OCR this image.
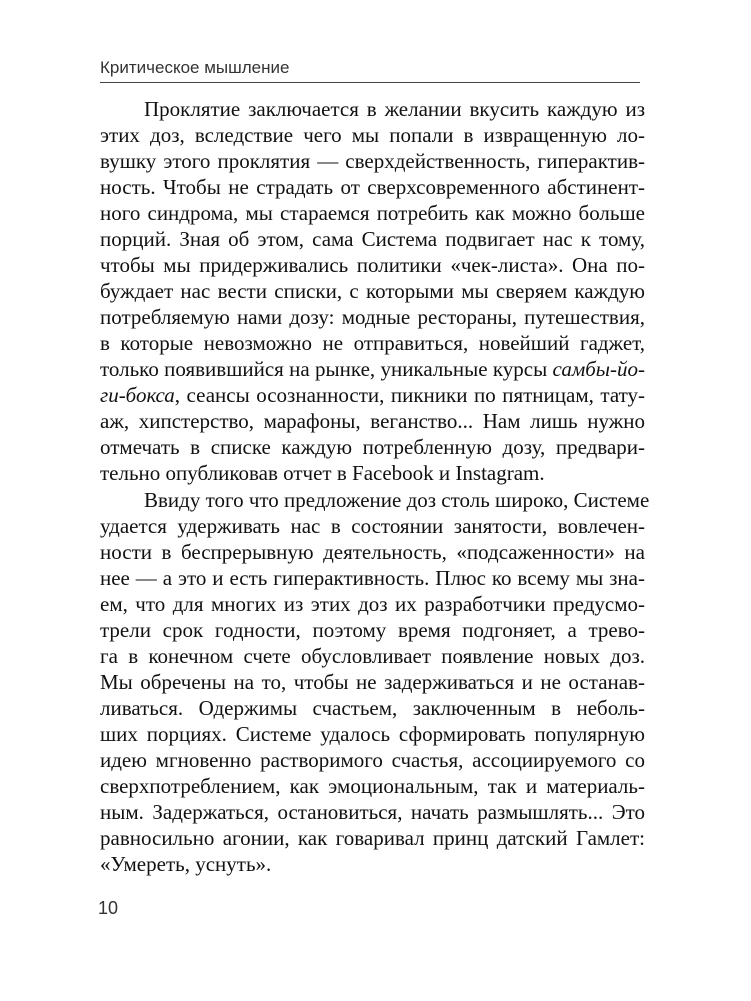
Критическое мышление
Проклятие заключается в желании вкусить каждую из
этих доз, вследствие чего мы попали в извращенную ло-
вушку этого проклятия — сверхдейственность, гиперактив-
ность. Чтобы не страдать от сверхсовременного абстинент-
ного синдрома, мы стараемся потребить как можно больше
порций. Зная об этом, сама Система подвигает нас к тому,
чтобы мы придерживались политики «чек-листа». Она по-
буждает нас вести списки, с которыми мы сверяем каждую
потребляемую нами дозу: модные рестораны, путешествия,
в которые невозможно не отправиться, новейший гаджет,
только появившийся на рынке, уникальные курсы самбы-йо-
ги-бокса, сеансы осознанности, пикники по пятницам, тату-
аж, хипстерство, марафоны, веганство... Нам лишь нужно
отмечать в списке каждую потребленную дозу, предвари-
тельно опубликовав отчет в Facebook и Instagram.
Ввиду того что предложение доз столь широко, Системе
удается удерживать нас в состоянии занятости, вовлечен-
ности в беспрерывную деятельность, «подсаженности» на
нее — а это и есть гиперактивность. Плюс ко всему мы зна-
ем, что для многих из этих доз их разработчики предусмо-
трели срок годности, поэтому время подгоняет, а трево-
га в конечном счете обусловливает появление новых доз.
Мы обречены на то, чтобы не задерживаться и не останав-
ливаться. Одержимы счастьем, заключенным в неболь-
ших порциях. Системе удалось сформировать популярную
идею мгновенно растворимого счастья, ассоциируемого со
сверхпотреблением, как эмоциональным, так и материаль-
ным. Задержаться, остановиться, начать размышлять... Это
равносильно агонии, как говаривал принц датский Гамлет:
«Умереть, уснуть».
10
